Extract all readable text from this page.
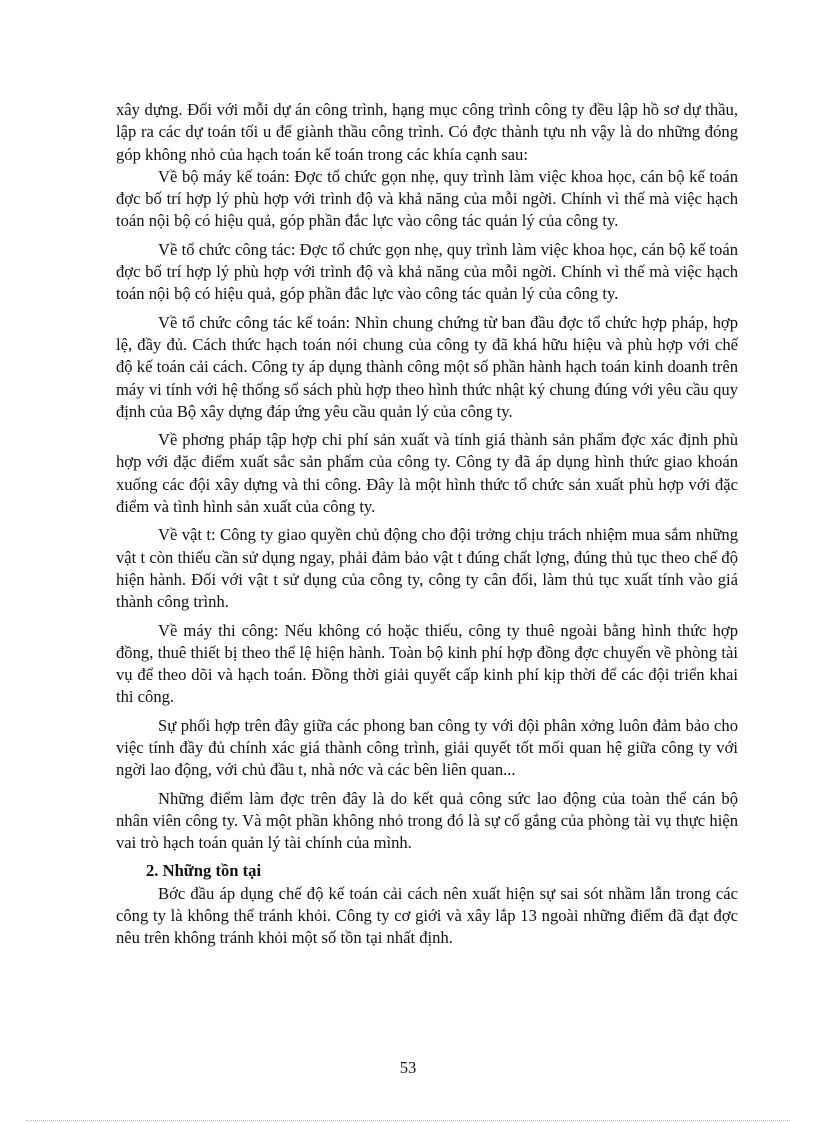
xây dựng. Đối với mỗi dự án công trình, hạng mục công trình công ty đều lập hồ sơ dự thầu, lập ra các dự toán tối u để giành thầu công trình. Có đợc thành tựu nh vậy là do những đóng góp không nhỏ của hạch toán kế toán trong các khía cạnh sau:

Về bộ máy kế toán: Đợc tổ chức gọn nhẹ, quy trình làm việc khoa học, cán bộ kế toán đợc bố trí hợp lý phù hợp với trình độ và khả năng của mỗi ngời. Chính vì thế mà việc hạch toán nội bộ có hiệu quả, góp phần đắc lực vào công tác quản lý của công ty.

Về tổ chức công tác: Đợc tổ chức gọn nhẹ, quy trình làm việc khoa học, cán bộ kế toán đợc bố trí hợp lý phù hợp với trình độ và khả năng của mỗi ngời. Chính vì thế mà việc hạch toán nội bộ có hiệu quả, góp phần đắc lực vào công tác quản lý của công ty.

Về tổ chức công tác kế toán: Nhìn chung chứng từ ban đầu đợc tổ chức hợp pháp, hợp lệ, đầy đủ. Cách thức hạch toán nói chung của công ty đã khá hữu hiệu và phù hợp với chế độ kế toán cải cách. Công ty áp dụng thành công một số phần hành hạch toán kinh doanh trên máy vi tính với hệ thống sổ sách phù hợp theo hình thức nhật ký chung đúng với yêu cầu quy định của Bộ xây dựng đáp ứng yêu cầu quản lý của công ty.

Về phơng pháp tập hợp chi phí sản xuất và tính giá thành sản phẩm đợc xác định phù hợp với đặc điểm xuất sắc sản phẩm của công ty. Công ty đã áp dụng hình thức giao khoán xuống các đội xây dựng và thi công. Đây là một hình thức tổ chức sản xuất phù hợp với đặc điểm và tình hình sản xuất của công ty.

Về vật t: Công ty giao quyền chủ động cho đội trởng chịu trách nhiệm mua sắm những vật t còn thiếu cần sử dụng ngay, phải đảm bảo vật t đúng chất lợng, đúng thủ tục theo chế độ hiện hành. Đối với vật t sử dụng của công ty, công ty cân đối, làm thủ tục xuất tính vào giá thành công trình.

Về máy thi công: Nếu không có hoặc thiếu, công ty thuê ngoài bằng hình thức hợp đồng, thuê thiết bị theo thể lệ hiện hành. Toàn bộ kinh phí hợp đồng đợc chuyển về phòng tài vụ để theo dõi và hạch toán. Đồng thời giải quyết cấp kinh phí kịp thời để các đội triển khai thi công.

Sự phối hợp trên đây giữa các phong ban công ty với đội phân xởng luôn đảm bảo cho việc tính đầy đủ chính xác giá thành công trình, giải quyết tốt mối quan hệ giữa công ty với ngời lao động, với chủ đầu t, nhà nớc và các bên liên quan...

Những điểm làm đợc trên đây là do kết quả công sức lao động của toàn thể cán bộ nhân viên công ty. Và một phần không nhỏ trong đó là sự cố gắng của phòng tài vụ thực hiện vai trò hạch toán quản lý tài chính của mình.

2. Những tồn tại

Bớc đầu áp dụng chế độ kế toán cải cách nên xuất hiện sự sai sót nhầm lẫn trong các công ty là không thể tránh khỏi. Công ty cơ giới và xây lắp 13 ngoài những điểm đã đạt đợc nêu trên không tránh khỏi một số tồn tại nhất định.

53
